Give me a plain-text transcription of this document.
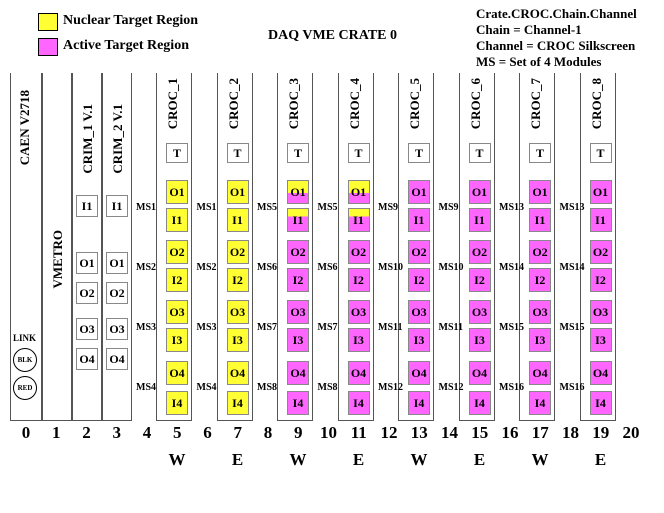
Nuclear Target Region
Active Target Region
DAQ VME CRATE 0
Crate.CROC.Chain.Channel
Chain = Channel-1
Channel = CROC Silkscreen
MS = Set of 4 Modules
CAEN V2718
LINK
BLK
RED
VMETRO
CRIM_1 V.1 CRIM_2 V.1
I1
O1
O2
O3
O4
I1
O1
O2
O3
O4
CROC_1
T
O1
I1
O2
I2
O3
I3
O4
I4
MS1
MS2
MS3
MS4
W
CROC_2
T
O1
I1
O2
I2
O3
I3
O4
I4
MS1
MS2
MS3
MS4
E
CROC_3
T
O1
I1
O2
I2
O3
I3
O4
I4
MS5
MS6
MS7
MS8
W
CROC_4
T
O1
I1
O2
I2
O3
I3
O4
I4
MS5
MS6
MS7
MS8
E
CROC_5
T
O1
I1
O2
I2
O3
I3
O4
I4
MS9
MS10
MS11
MS12
W
CROC_6
T
O1
I1
O2
I2
O3
I3
O4
I4
MS9
MS10
MS11
MS12
E
CROC_7
T
O1
I1
O2
I2
O3
I3
O4
I4
MS13
MS14
MS15
MS16
W
CROC_8
T
O1
I1
O2
I2
O3
I3
O4
I4
MS13
MS14
MS15
MS16
E
0	1	2	3	4	5	6	7	8	9	10 11 12 13 14 15 16 17 18 19 20
